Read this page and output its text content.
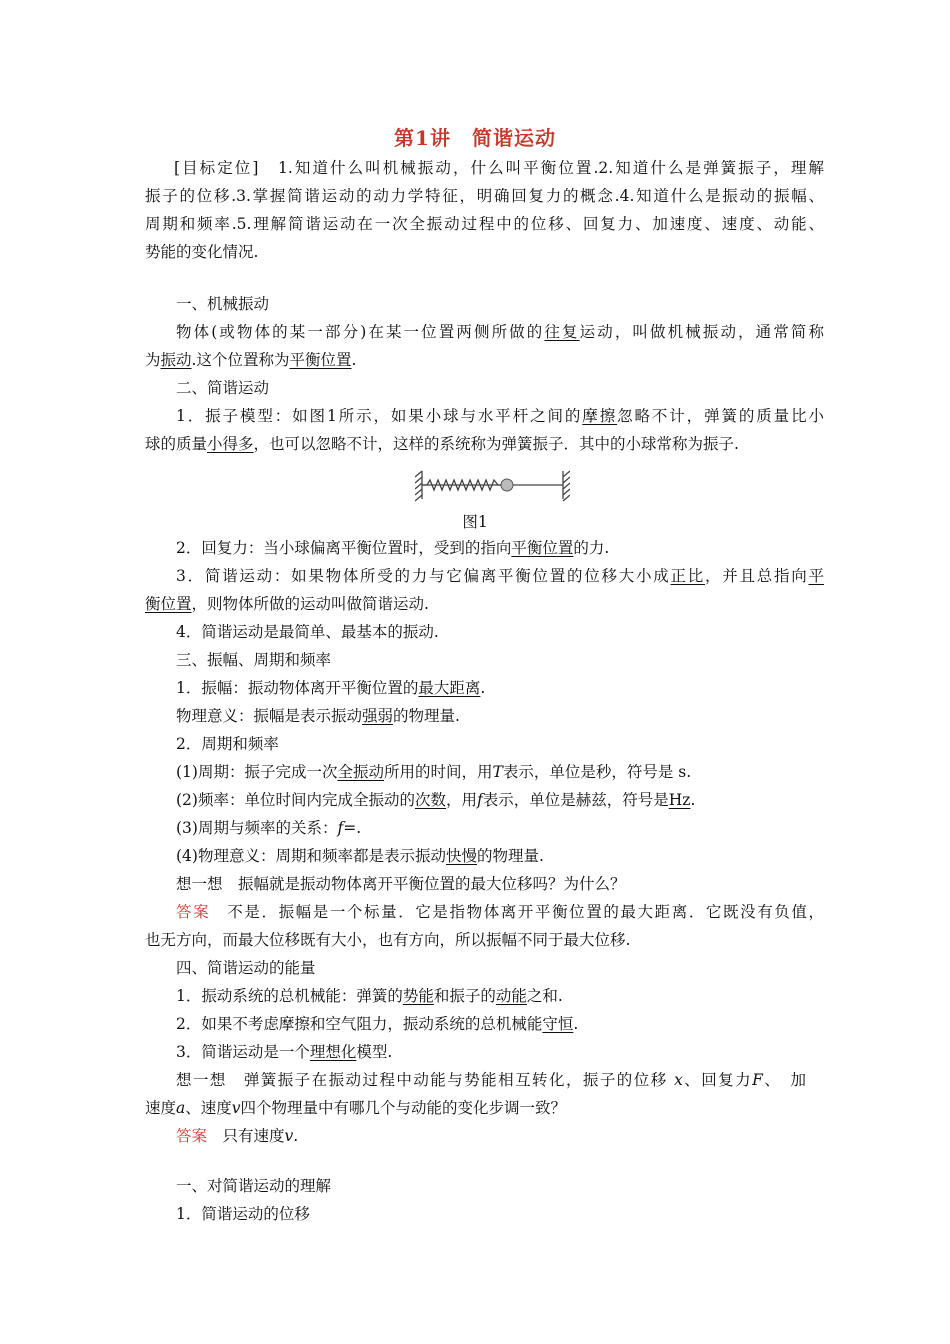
第1讲　简谐运动
[目标定位]　1.知道什么叫机械振动，什么叫平衡位置.2.知道什么是弹簧振子，理解
振子的位移.3.掌握简谐运动的动力学特征，明确回复力的概念.4.知道什么是振动的振幅、
周期和频率.5.理解简谐运动在一次全振动过程中的位移、回复力、加速度、速度、动能、
势能的变化情况.
一、机械振动
物体(或物体的某一部分)在某一位置两侧所做的往复运动，叫做机械振动，通常简称
为振动.这个位置称为平衡位置.
二、简谐运动
1．振子模型：如图1所示，如果小球与水平杆之间的摩擦忽略不计，弹簧的质量比小
球的质量小得多，也可以忽略不计，这样的系统称为弹簧振子．其中的小球常称为振子.
图1
2．回复力：当小球偏离平衡位置时，受到的指向平衡位置的力.
3．简谐运动：如果物体所受的力与它偏离平衡位置的位移大小成正比，并且总指向平
衡位置，则物体所做的运动叫做简谐运动.
4．简谐运动是最简单、最基本的振动.
三、振幅、周期和频率
1．振幅：振动物体离开平衡位置的最大距离.
物理意义：振幅是表示振动强弱的物理量.
2．周期和频率
(1)周期：振子完成一次全振动所用的时间，用T表示，单位是秒，符号是 s.
(2)频率：单位时间内完成全振动的次数，用f表示，单位是赫兹，符号是Hz.
(3)周期与频率的关系：f=.
(4)物理意义：周期和频率都是表示振动快慢的物理量.
想一想　振幅就是振动物体离开平衡位置的最大位移吗？为什么？
答案　不是．振幅是一个标量．它是指物体离开平衡位置的最大距离．它既没有负值，
也无方向，而最大位移既有大小，也有方向，所以振幅不同于最大位移.
四、简谐运动的能量
1．振动系统的总机械能：弹簧的势能和振子的动能之和.
2．如果不考虑摩擦和空气阻力，振动系统的总机械能守恒.
3．简谐运动是一个理想化模型.
想一想　弹簧振子在振动过程中动能与势能相互转化，振子的位移 x、回复力F、　加
速度a、速度v四个物理量中有哪几个与动能的变化步调一致？
答案　只有速度v.
一、对简谐运动的理解
1．简谐运动的位移
